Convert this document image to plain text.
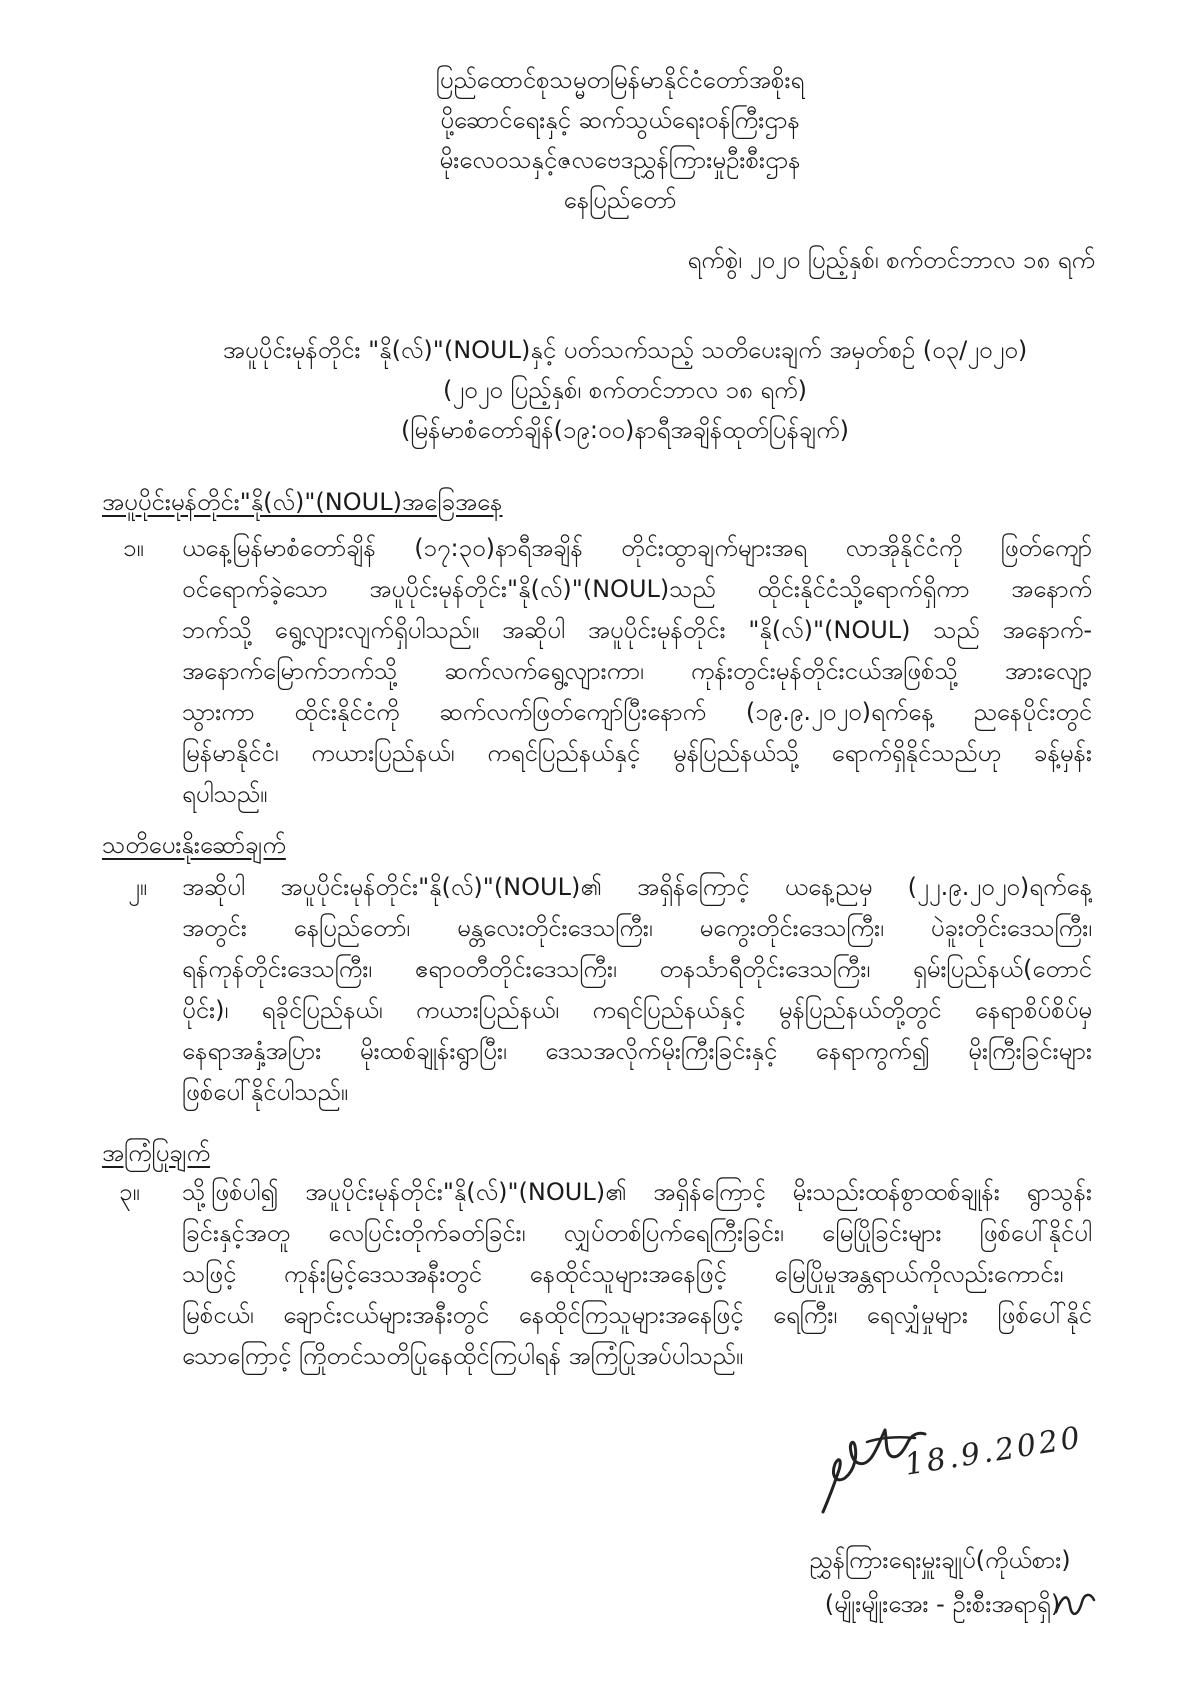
ပြည်ထောင်စုသမ္မတမြန်မာနိုင်ငံတော်အစိုးရ
ပို့ဆောင်ရေးနှင့် ဆက်သွယ်ရေးဝန်ကြီးဌာန
မိုးလေဝသနှင့်ဇလဗေဒညွှန်ကြားမှုဦးစီးဌာန
နေပြည်တော်
ရက်စွဲ၊ ၂၀၂၀ ပြည့်နှစ်၊ စက်တင်ဘာလ ၁၈ ရက်
အပူပိုင်းမုန်တိုင်း "နို(လ်)"(NOUL)နှင့် ပတ်သက်သည့် သတိပေးချက် အမှတ်စဉ် (၀၃/၂၀၂၀)
(၂၀၂၀ ပြည့်နှစ်၊ စက်တင်ဘာလ ၁၈ ရက်)
(မြန်မာစံတော်ချိန်(၁၉:၀၀)နာရီအချိန်ထုတ်ပြန်ချက်)
အပူပိုင်းမုန်တိုင်း"နို(လ်)"(NOUL)အခြေအနေ
၁။ ယနေ့မြန်မာစံတော်ချိန် (၁၇:၃၀)နာရီအချိန် တိုင်းထွာချက်များအရ လာအိုနိုင်ငံကို ဖြတ်ကျော်
ဝင်ရောက်ခဲ့သော အပူပိုင်းမုန်တိုင်း"နို(လ်)"(NOUL)သည် ထိုင်းနိုင်ငံသို့ရောက်ရှိကာ အနောက်
ဘက်သို့ ရွေ့လျားလျက်ရှိပါသည်။ အဆိုပါ အပူပိုင်းမုန်တိုင်း "နို(လ်)"(NOUL) သည် အနောက်-
အနောက်မြောက်ဘက်သို့ ဆက်လက်ရွေ့လျားကာ၊ ကုန်းတွင်းမုန်တိုင်းငယ်အဖြစ်သို့ အားလျော့
သွားကာ ထိုင်းနိုင်ငံကို ဆက်လက်ဖြတ်ကျော်ပြီးနောက် (၁၉.၉.၂၀၂၀)ရက်နေ့ ညနေပိုင်းတွင်
မြန်မာနိုင်ငံ၊ ကယားပြည်နယ်၊ ကရင်ပြည်နယ်နှင့် မွန်ပြည်နယ်သို့ ရောက်ရှိနိုင်သည်ဟု ခန့်မှန်း
ရပါသည်။
သတိပေးနိုးဆော်ချက်
၂။ အဆိုပါ အပူပိုင်းမုန်တိုင်း"နို(လ်)"(NOUL)၏ အရှိန်ကြောင့် ယနေ့ညမှ (၂၂.၉.၂၀၂၀)ရက်နေ့
အတွင်း နေပြည်တော်၊ မန္တလေးတိုင်းဒေသကြီး၊ မကွေးတိုင်းဒေသကြီး၊ ပဲခူးတိုင်းဒေသကြီး၊
ရန်ကုန်တိုင်းဒေသကြီး၊ ဧရာဝတီတိုင်းဒေသကြီး၊ တနင်္သာရီတိုင်းဒေသကြီး၊ ရှမ်းပြည်နယ်(တောင်
ပိုင်း)၊ ရခိုင်ပြည်နယ်၊ ကယားပြည်နယ်၊ ကရင်ပြည်နယ်နှင့် မွန်ပြည်နယ်တို့တွင် နေရာစိပ်စိပ်မှ
နေရာအနှံ့အပြား မိုးထစ်ချုန်းရွာပြီး၊ ဒေသအလိုက်မိုးကြီးခြင်းနှင့် နေရာကွက်၍ မိုးကြီးခြင်းများ
ဖြစ်ပေါ်နိုင်ပါသည်။
အကြံပြုချက်
၃။ သို့ဖြစ်ပါ၍ အပူပိုင်းမုန်တိုင်း"နို(လ်)"(NOUL)၏ အရှိန်ကြောင့် မိုးသည်းထန်စွာထစ်ချုန်း ရွာသွန်း
ခြင်းနှင့်အတူ လေပြင်းတိုက်ခတ်ခြင်း၊ လျှပ်တစ်ပြက်ရေကြီးခြင်း၊ မြေပြိုခြင်းများ ဖြစ်ပေါ်နိုင်ပါ
သဖြင့် ကုန်းမြင့်ဒေသအနီးတွင် နေထိုင်သူများအနေဖြင့် မြေပြိုမှုအန္တရာယ်ကိုလည်းကောင်း၊
မြစ်ငယ်၊ ချောင်းငယ်များအနီးတွင် နေထိုင်ကြသူများအနေဖြင့် ရေကြီး၊ ရေလျှံမှုများ ဖြစ်ပေါ်နိုင်
သောကြောင့် ကြိုတင်သတိပြုနေထိုင်ကြပါရန် အကြံပြုအပ်ပါသည်။
18.9.2020
ညွှန်ကြားရေးမှူးချုပ်(ကိုယ်စား)
(မျိုးမျိုးအေး - ဦးစီးအရာရှိ)
